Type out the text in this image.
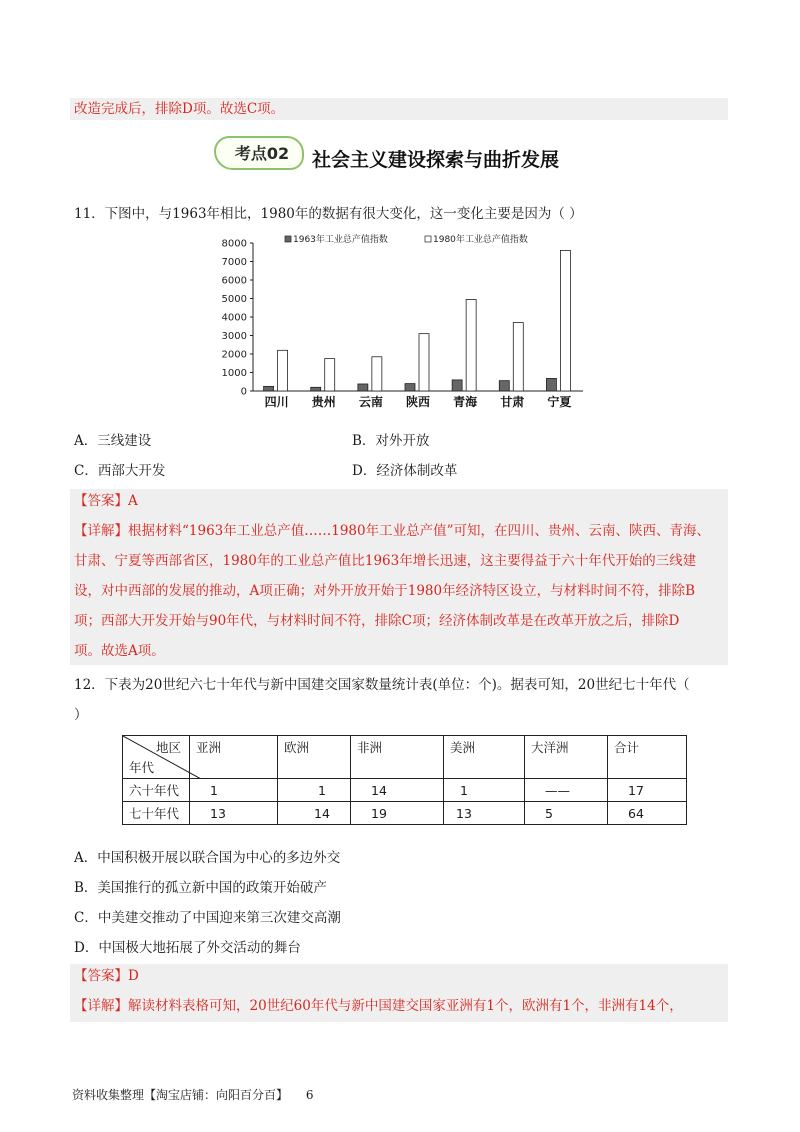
改造完成后，排除D项。故选C项。
考点02	社会主义建设探索与曲折发展
11．下图中，与1963年相比，1980年的数据有很大变化，这一变化主要是因为（ ）
1963年工业总产值指数	1980年工业总产值指数
0
1000
2000
3000
4000
5000
6000
7000
8000
四川 贵州 云南 陕西 青海 甘肃 宁夏
A．三线建设	B．对外开放
C．西部大开发	D．经济体制改革
【答案】A
【详解】根据材料“1963年工业总产值……1980年工业总产值”可知，在四川、贵州、云南、陕西、青海、
甘肃、宁夏等西部省区，1980年的工业总产值比1963年增长迅速，这主要得益于六十年代开始的三线建
设，对中西部的发展的推动，A项正确；对外开放开始于1980年经济特区设立，与材料时间不符，排除B
项；西部大开发开始与90年代，与材料时间不符，排除C项；经济体制改革是在改革开放之后，排除D
项。故选A项。
12．下表为20世纪六七十年代与新中国建交国家数量统计表(单位：个)。据表可知，20世纪七十年代（
）
地区
年代	亚洲	欧洲	非洲	美洲	大洋洲	合计
六十年代	1	1	14	1	——	17
七十年代	13	14	19	13	5	64
A．中国积极开展以联合国为中心的多边外交
B．美国推行的孤立新中国的政策开始破产
C．中美建交推动了中国迎来第三次建交高潮
D．中国极大地拓展了外交活动的舞台
【答案】D
【详解】解读材料表格可知，20世纪60年代与新中国建交国家亚洲有1个，欧洲有1个，非洲有14个，
资料收集整理【淘宝店铺：向阳百分百】 6
